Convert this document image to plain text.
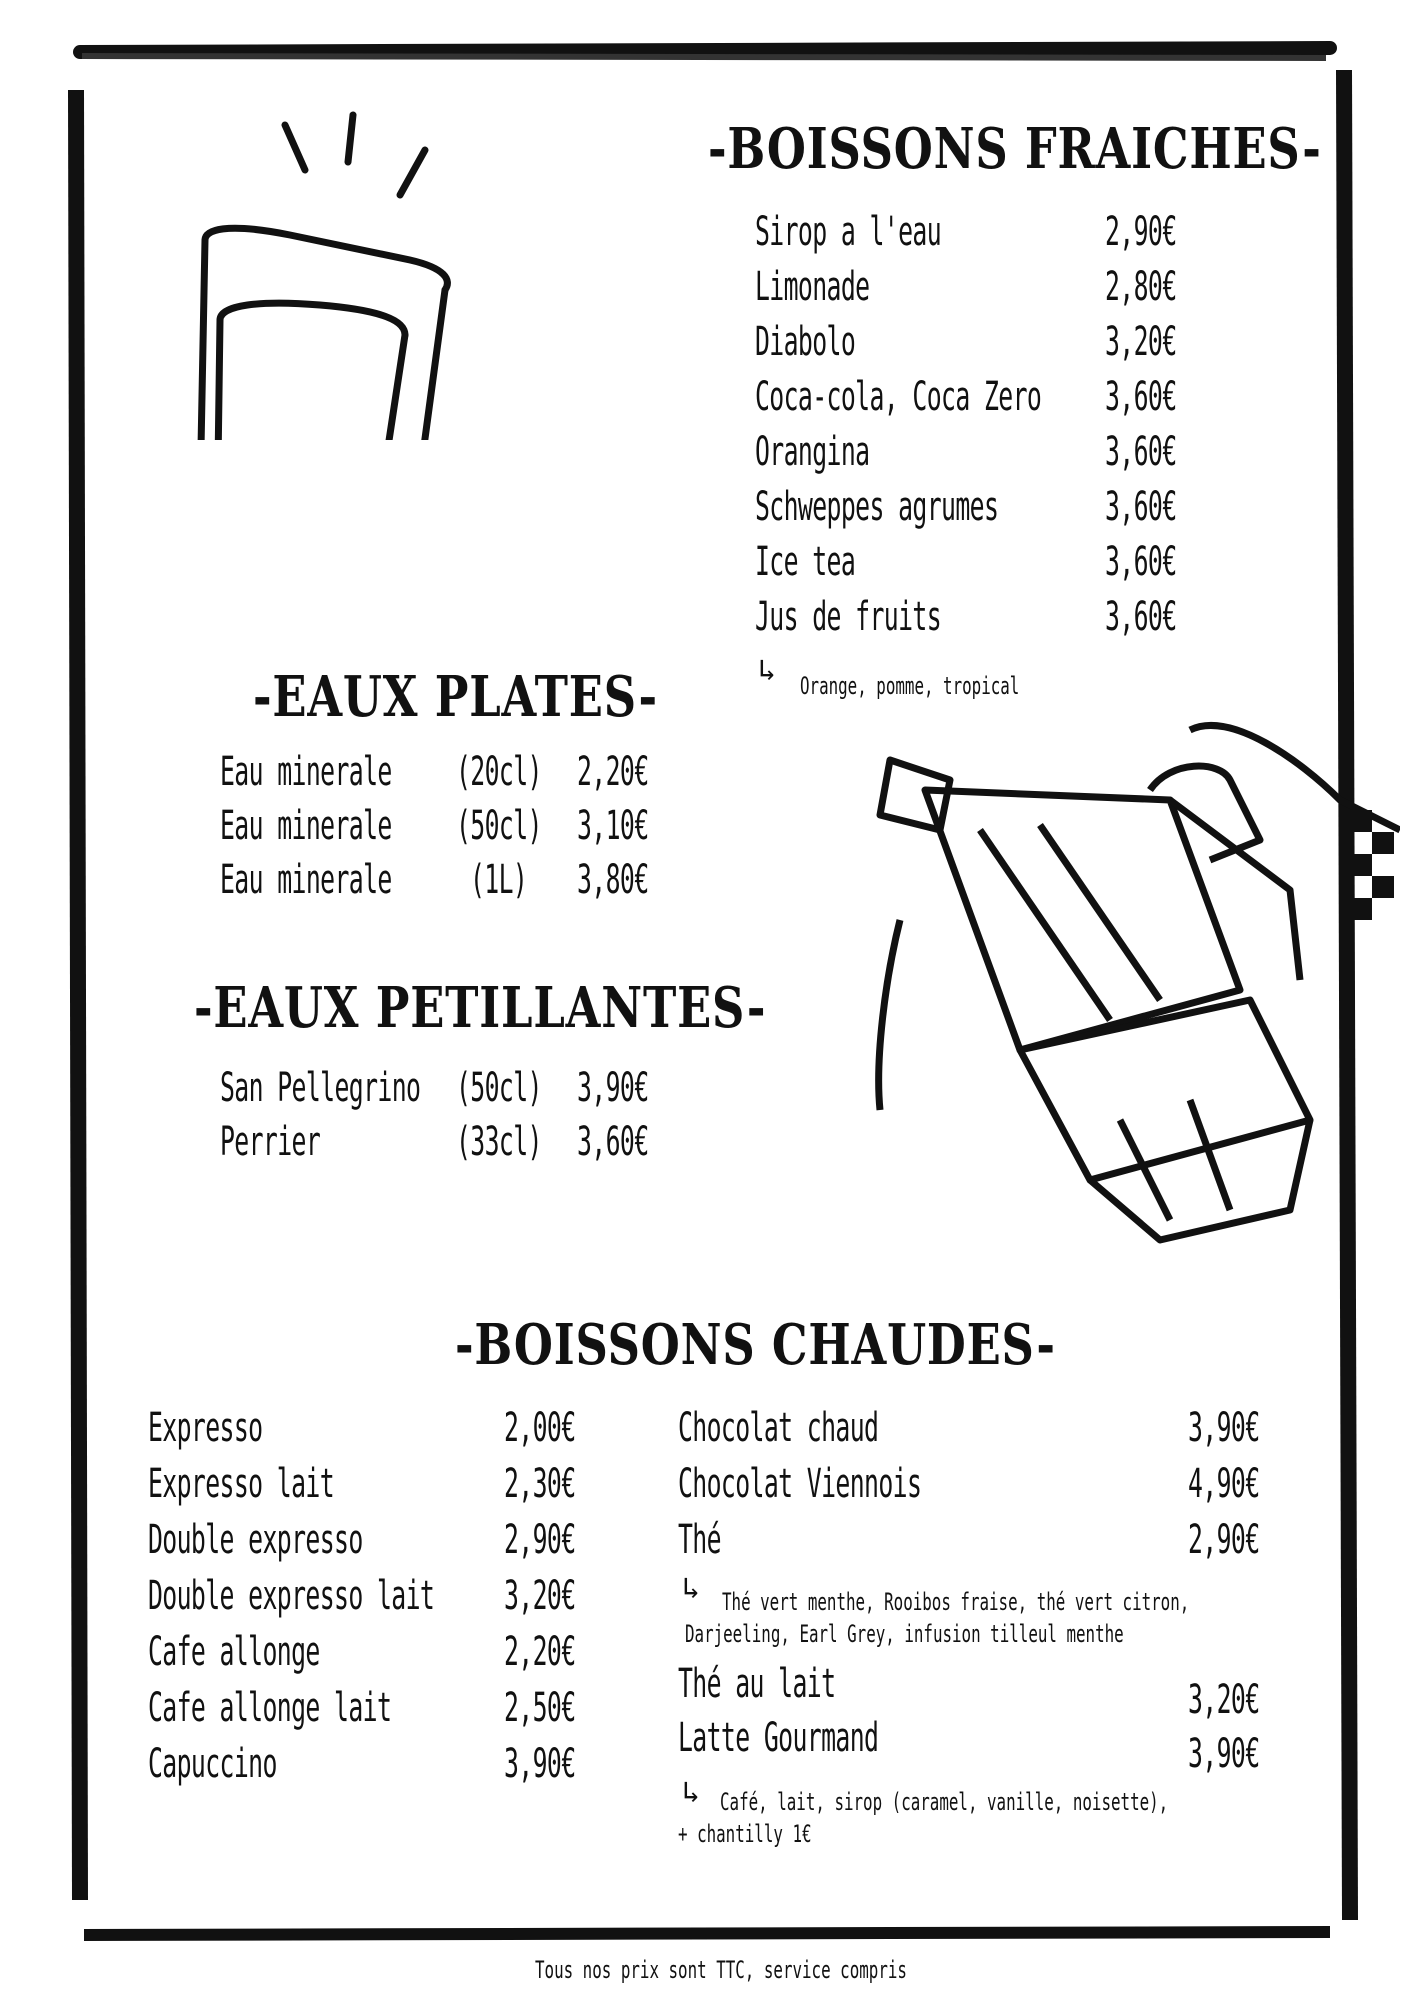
-BOISSONS FRAICHES-
Sirop a l'eau	2,90€
Limonade	2,80€
Diabolo	3,20€
Coca-cola, Coca Zero 3,60€
Orangina	3,60€
Schweppes agrumes	3,60€
Ice tea	3,60€
Jus de fruits	3,60€
↳ Orange, pomme, tropical
-EAUX PLATES-
Eau minerale (20cl) 2,20€
Eau minerale (50cl) 3,10€
Eau minerale (1L) 3,80€
-EAUX PETILLANTES-
San Pellegrino (50cl) 3,90€
Perrier	(33cl) 3,60€
-BOISSONS CHAUDES-
Expresso	2,00€
Expresso lait	2,30€
Double expresso	2,90€
Double expresso lait 3,20€
Cafe allonge	2,20€
Cafe allonge lait	2,50€
Capuccino	3,90€
Chocolat chaud	3,90€
Chocolat Viennois	4,90€
Thé	2,90€
↳ Thé vert menthe, Rooibos fraise, thé vert citron,
Darjeeling, Earl Grey, infusion tilleul menthe
Thé au lait	3,20€
Latte Gourmand	3,90€
↳ Café, lait, sirop (caramel, vanille, noisette),
+ chantilly 1€
Tous nos prix sont TTC, service compris
